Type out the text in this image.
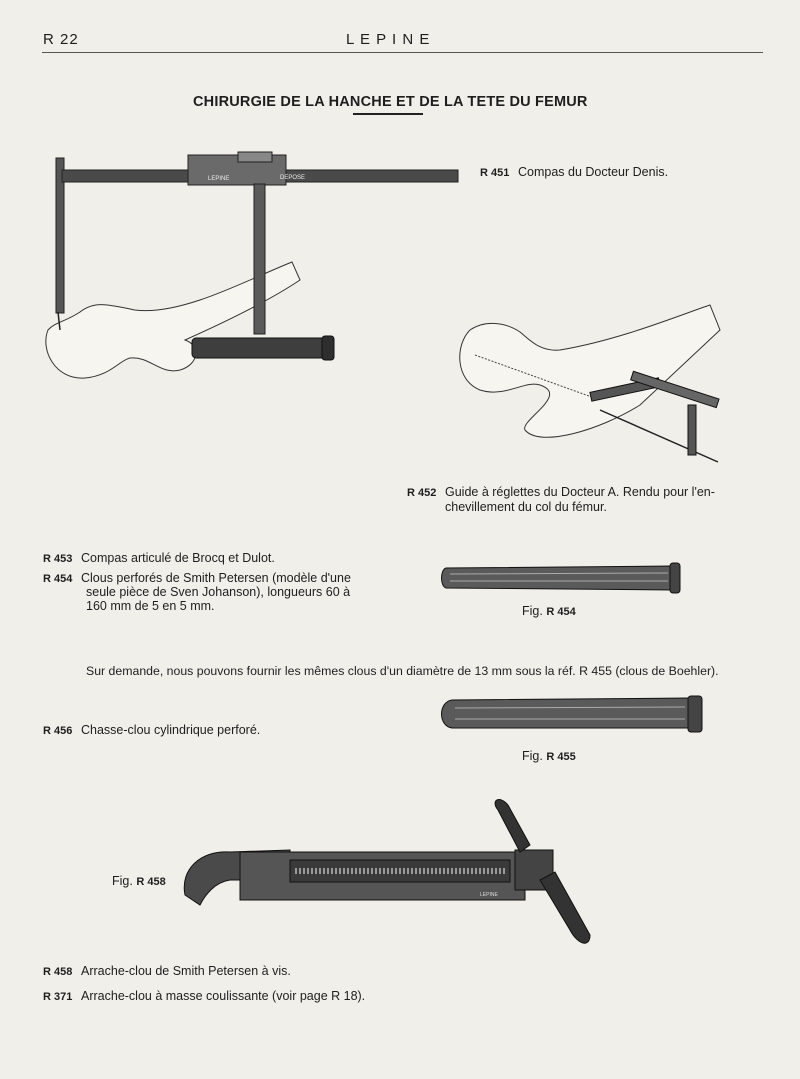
R 22	L E P I N E
CHIRURGIE DE LA HANCHE ET DE LA TETE DU FEMUR
LEPINE	DEPOSE	R 451 Compas du Docteur Denis.
R 452 Guide à réglettes du Docteur A. Rendu pour l'en-
chevillement du col du fémur.
R 453 Compas articulé de Brocq et Dulot.
R 454 Clous perforés de Smith Petersen (modèle d'une
seule pièce de Sven Johanson), longueurs 60 à
160 mm de 5 en 5 mm.	Fig. R 454
Sur demande, nous pouvons fournir les mêmes clous d'un diamètre de 13 mm sous la réf. R 455 (clous de Boehler).
R 456 Chasse-clou cylindrique perforé.
Fig. R 455
Fig. R 458
LEPINE
R 458 Arrache-clou de Smith Petersen à vis.
R 371 Arrache-clou à masse coulissante (voir page R 18).
